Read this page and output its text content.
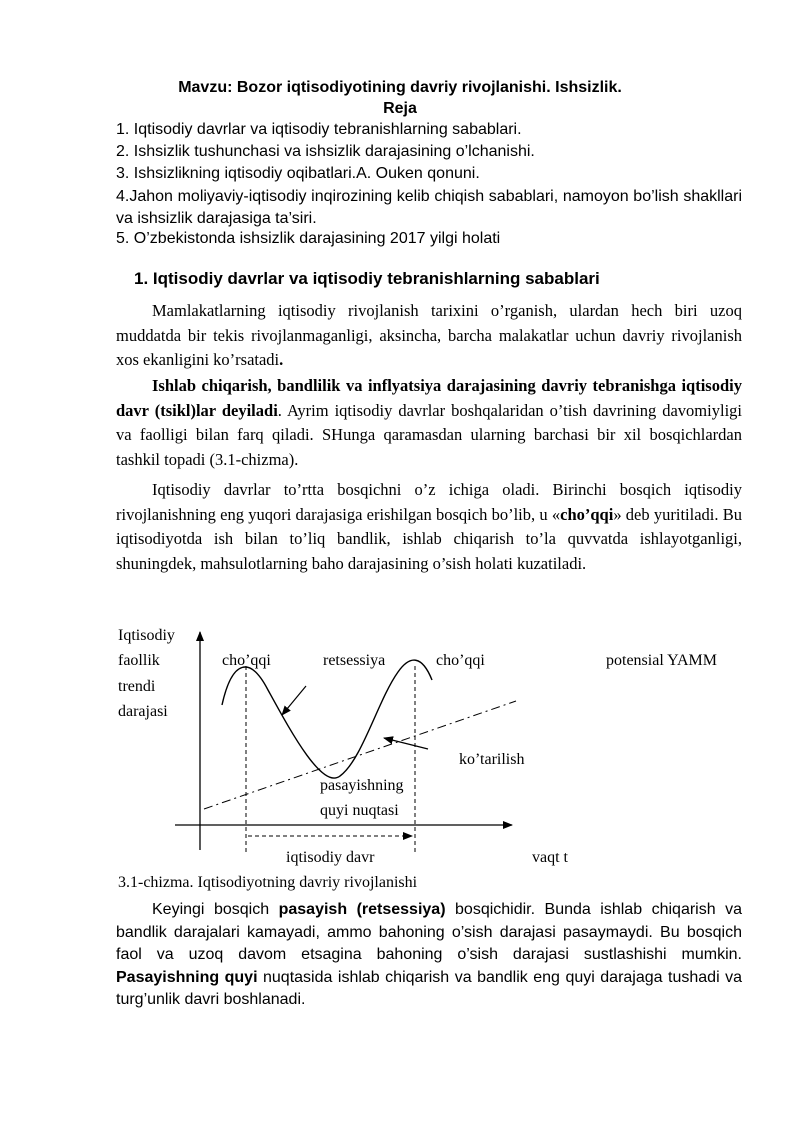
Mavzu: Bozor iqtisodiyotining davriy rivojlanishi. Ishsizlik.
Reja
1. Iqtisodiy davrlar va iqtisodiy tebranishlarning sabablari.
2. Ishsizlik tushunchasi va ishsizlik darajasining o’lchanishi.
3. Ishsizlikning iqtisodiy oqibatlari.A. Ouken qonuni.
4.Jahon moliyaviy-iqtisodiy inqirozining kelib chiqish sabablari, namoyon bo’lish shakllari va ishsizlik darajasiga ta’siri.
5. O’zbekistonda ishsizlik darajasining 2017 yilgi holati
1. Iqtisodiy davrlar va iqtisodiy tebranishlarning sabablari

Mamlakatlarning iqtisodiy rivojlanish tarixini o’rganish, ulardan hech biri uzoq muddatda bir tekis rivojlanmaganligi, aksincha, barcha malakatlar uchun davriy rivojlanish xos ekanligini ko’rsatadi.

Ishlab chiqarish, bandlilik va inflyatsiya darajasining davriy tebranishga iqtisodiy davr (tsikl)lar deyiladi. Ayrim iqtisodiy davrlar boshqalaridan o’tish davrining davomiyligi va faolligi bilan farq qiladi. SHunga qaramasdan ularning barchasi bir xil bosqichlardan tashkil topadi (3.1-chizma).

Iqtisodiy davrlar to’rtta bosqichni o’z ichiga oladi. Birinchi bosqich iqtisodiy rivojlanishning eng yuqori darajasiga erishilgan bosqich bo’lib, u «cho’qqi» deb yuritiladi. Bu iqtisodiyotda ish bilan to’liq bandlik, ishlab chiqarish to’la quvvatda ishlayotganligi, shuningdek, mahsulotlarning baho darajasining o’sish holati kuzatiladi.

Iqtisodiy
faollik
trendi
darajasi
cho’qqi	retsessiya	cho’qqi	potensial YAMM
ko’tarilish
pasayishning
quyi nuqtasi
iqtisodiy davr	vaqt t
3.1-chizma. Iqtisodiyotning davriy rivojlanishi

Keyingi bosqich pasayish (retsessiya) bosqichidir. Bunda ishlab chiqarish va bandlik darajalari kamayadi, ammo bahoning o’sish darajasi pasaymaydi. Bu bosqich faol va uzoq davom etsagina bahoning o’sish darajasi sustlashishi mumkin. Pasayishning quyi nuqtasida ishlab chiqarish va bandlik eng quyi darajaga tushadi va turg’unlik davri boshlanadi.
